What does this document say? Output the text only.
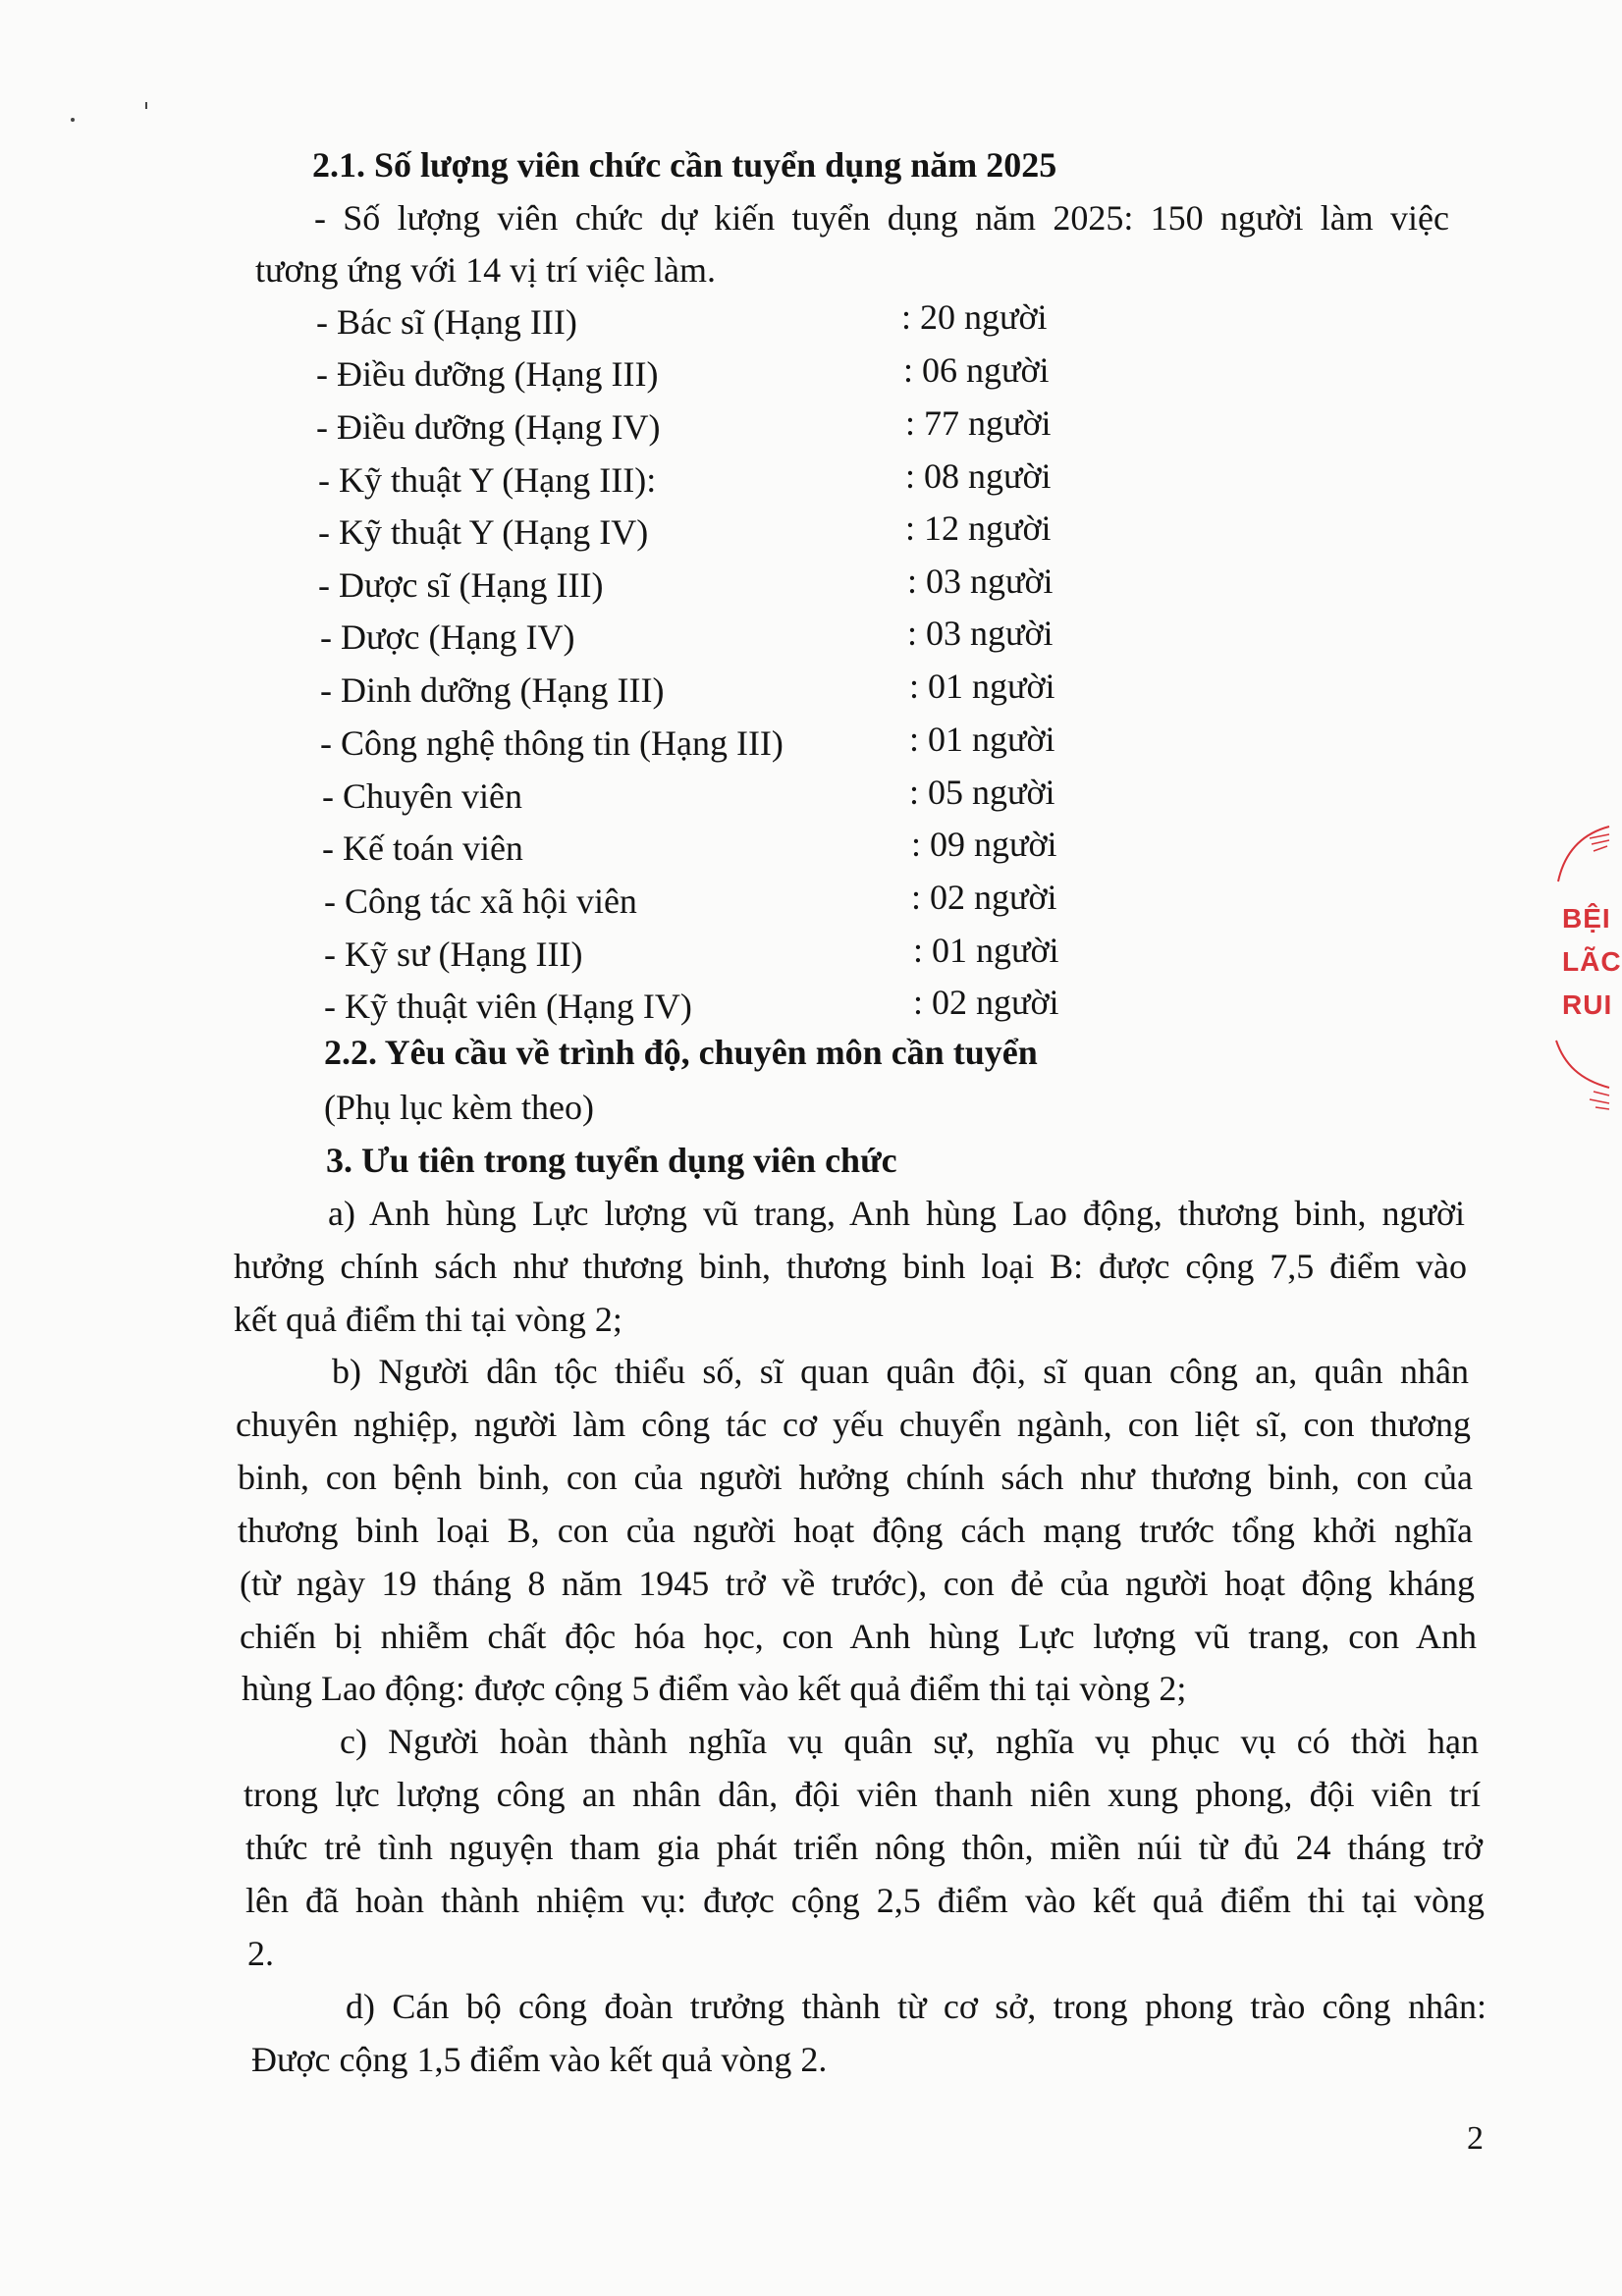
2.1. Số lượng viên chức cần tuyển dụng năm 2025
- Số lượng viên chức dự kiến tuyển dụng năm 2025: 150 người làm việc
tương ứng với 14 vị trí việc làm.
- Bác sĩ (Hạng III)	: 20 người
- Điều dưỡng (Hạng III)	: 06 người
- Điều dưỡng (Hạng IV)	: 77 người
- Kỹ thuật Y (Hạng III):	: 08 người
- Kỹ thuật Y (Hạng IV)	: 12 người
- Dược sĩ (Hạng III)	: 03 người
- Dược (Hạng IV)	: 03 người
- Dinh dưỡng (Hạng III)	: 01 người
- Công nghệ thông tin (Hạng III)	: 01 người
- Chuyên viên	: 05 người
- Kế toán viên	: 09 người
- Công tác xã hội viên	: 02 người
- Kỹ sư (Hạng III)	: 01 người
- Kỹ thuật viên (Hạng IV)	: 02 người
2.2. Yêu cầu về trình độ, chuyên môn cần tuyển
(Phụ lục kèm theo)
3. Ưu tiên trong tuyển dụng viên chức
a) Anh hùng Lực lượng vũ trang, Anh hùng Lao động, thương binh, người
hưởng chính sách như thương binh, thương binh loại B: được cộng 7,5 điểm vào
kết quả điểm thi tại vòng 2;
b) Người dân tộc thiểu số, sĩ quan quân đội, sĩ quan công an, quân nhân
chuyên nghiệp, người làm công tác cơ yếu chuyển ngành, con liệt sĩ, con thương
binh, con bệnh binh, con của người hưởng chính sách như thương binh, con của
thương binh loại B, con của người hoạt động cách mạng trước tổng khởi nghĩa
(từ ngày 19 tháng 8 năm 1945 trở về trước), con đẻ của người hoạt động kháng
chiến bị nhiễm chất độc hóa học, con Anh hùng Lực lượng vũ trang, con Anh
hùng Lao động: được cộng 5 điểm vào kết quả điểm thi tại vòng 2;
c) Người hoàn thành nghĩa vụ quân sự, nghĩa vụ phục vụ có thời hạn
trong lực lượng công an nhân dân, đội viên thanh niên xung phong, đội viên trí
thức trẻ tình nguyện tham gia phát triển nông thôn, miền núi từ đủ 24 tháng trở
lên đã hoàn thành nhiệm vụ: được cộng 2,5 điểm vào kết quả điểm thi tại vòng
2.
d) Cán bộ công đoàn trưởng thành từ cơ sở, trong phong trào công nhân:
Được cộng 1,5 điểm vào kết quả vòng 2.
BỆI
LÃC
RUI
2
